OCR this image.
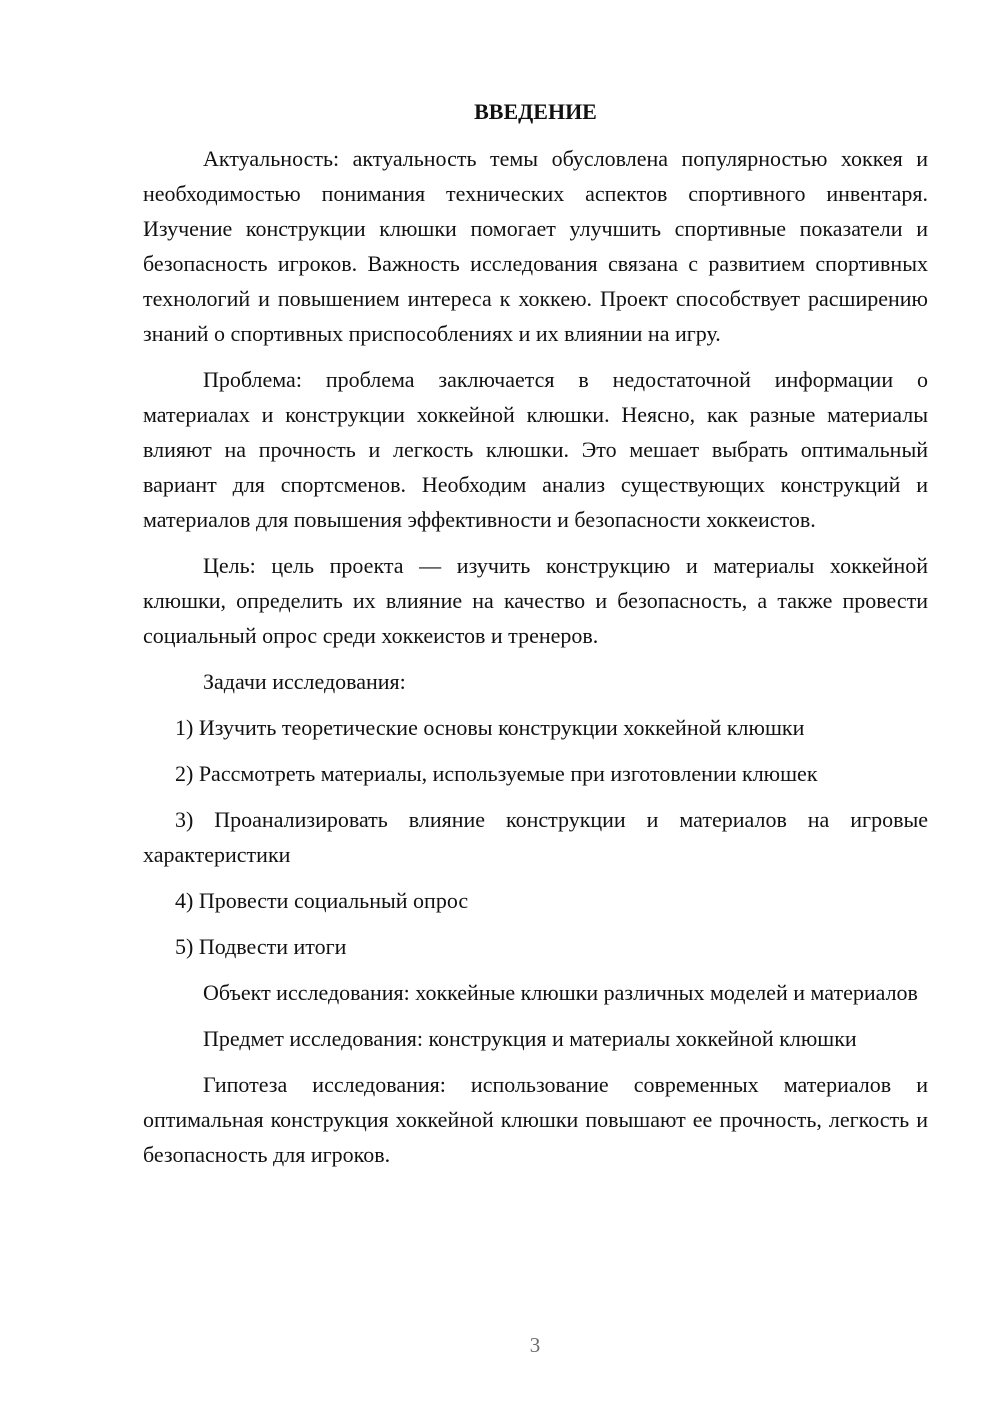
ВВЕДЕНИЕ

Актуальность: актуальность темы обусловлена популярностью хоккея и необходимостью понимания технических аспектов спортивного инвентаря. Изучение конструкции клюшки помогает улучшить спортивные показатели и безопасность игроков. Важность исследования связана с развитием спортивных технологий и повышением интереса к хоккею. Проект способствует расширению знаний о спортивных приспособлениях и их влиянии на игру.

Проблема: проблема заключается в недостаточной информации о материалах и конструкции хоккейной клюшки. Неясно, как разные материалы влияют на прочность и легкость клюшки. Это мешает выбрать оптимальный вариант для спортсменов. Необходим анализ существующих конструкций и материалов для повышения эффективности и безопасности хоккеистов.

Цель: цель проекта — изучить конструкцию и материалы хоккейной клюшки, определить их влияние на качество и безопасность, а также провести социальный опрос среди хоккеистов и тренеров.

Задачи исследования:

1) Изучить теоретические основы конструкции хоккейной клюшки

2) Рассмотреть материалы, используемые при изготовлении клюшек

3) Проанализировать влияние конструкции и материалов на игровые характеристики

4) Провести социальный опрос

5) Подвести итоги

Объект исследования: хоккейные клюшки различных моделей и материалов

Предмет исследования: конструкция и материалы хоккейной клюшки

Гипотеза исследования: использование современных материалов и оптимальная конструкция хоккейной клюшки повышают ее прочность, легкость и безопасность для игроков.

3
